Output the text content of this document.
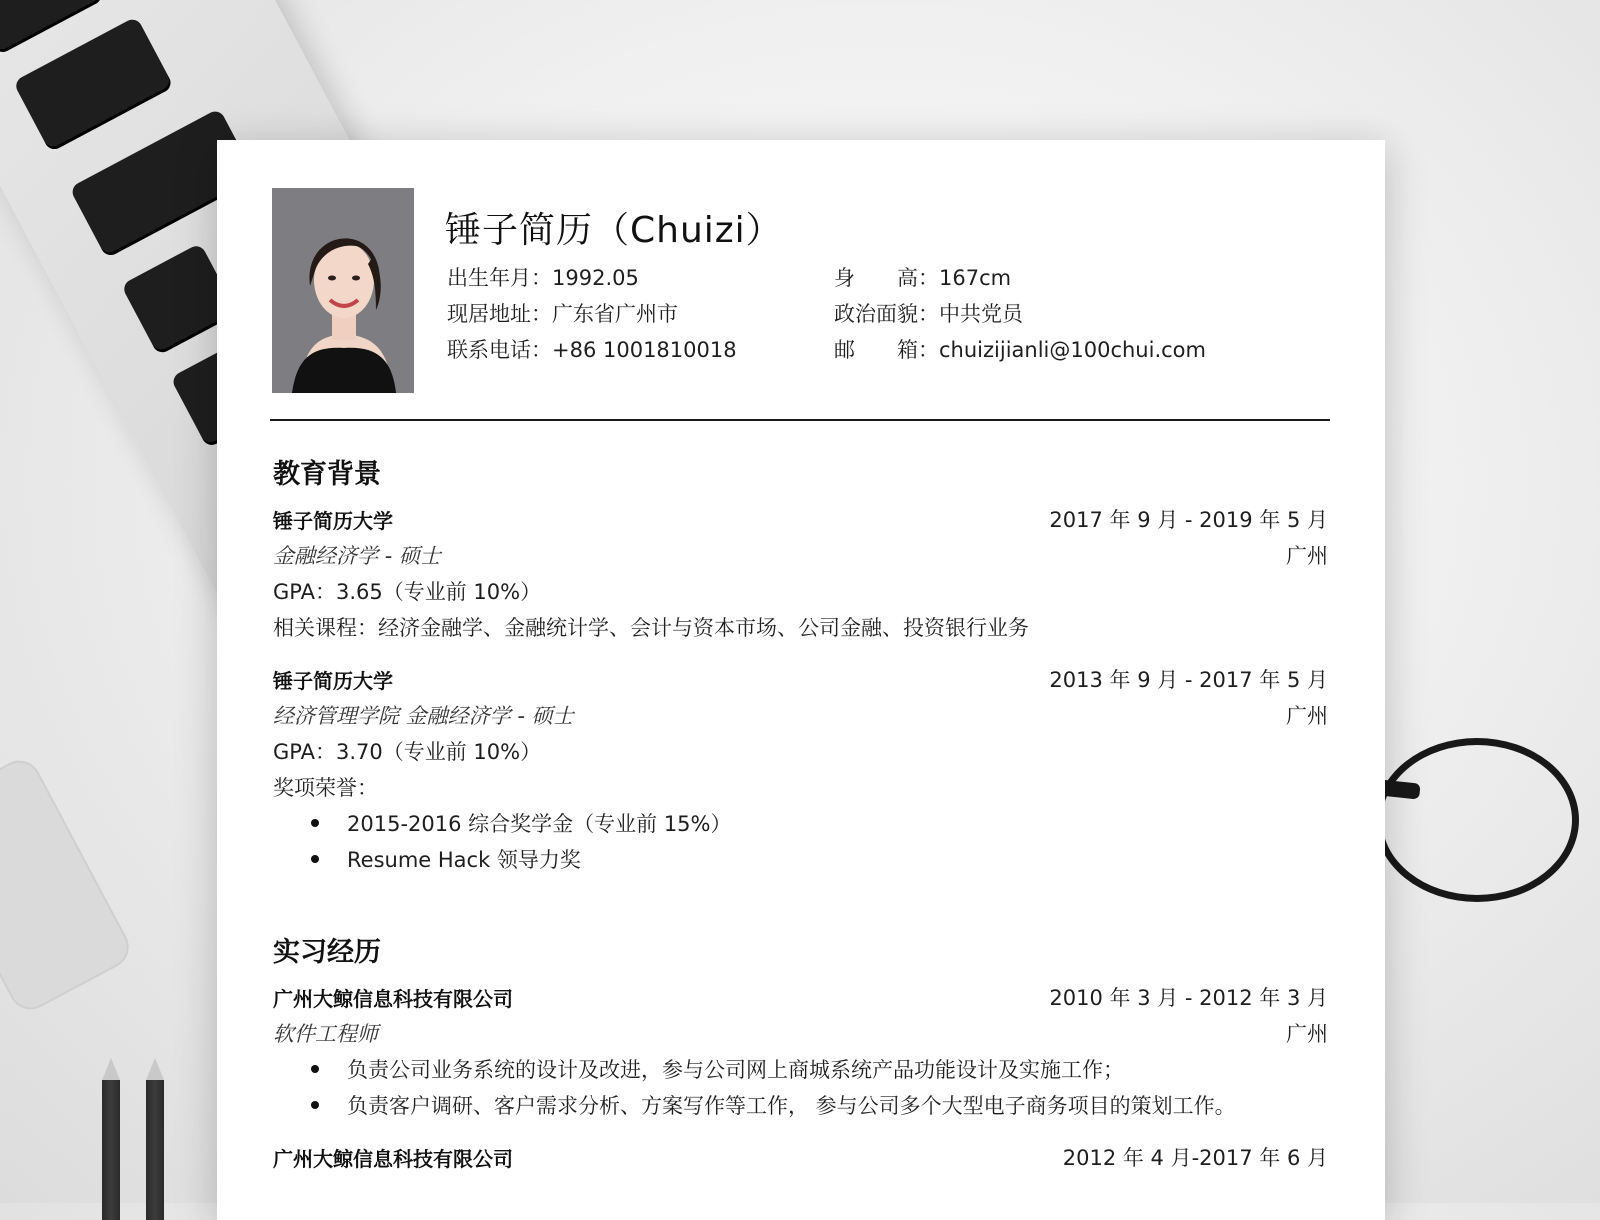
锤子简历（Chuizi）
出生年月：1992.05	身　　高：167cm
现居地址：广东省广州市	政治面貌：中共党员
联系电话：+86 1001810018	邮　　箱：chuizijianli@100chui.com
教育背景
锤子简历大学	2017 年 9 月 - 2019 年 5 月
金融经济学 - 硕士	广州
GPA：3.65（专业前 10%）
相关课程：经济金融学、金融统计学、会计与资本市场、公司金融、投资银行业务
锤子简历大学	2013 年 9 月 - 2017 年 5 月
经济管理学院 金融经济学 - 硕士	广州
GPA：3.70（专业前 10%）
奖项荣誉：
2015-2016 综合奖学金（专业前 15%）
Resume Hack 领导力奖
实习经历
广州大鲸信息科技有限公司	2010 年 3 月 - 2012 年 3 月
软件工程师	广州
负责公司业务系统的设计及改进，参与公司网上商城系统产品功能设计及实施工作；
负责客户调研、客户需求分析、方案写作等工作， 参与公司多个大型电子商务项目的策划工作。
广州大鲸信息科技有限公司	2012 年 4 月-2017 年 6 月
